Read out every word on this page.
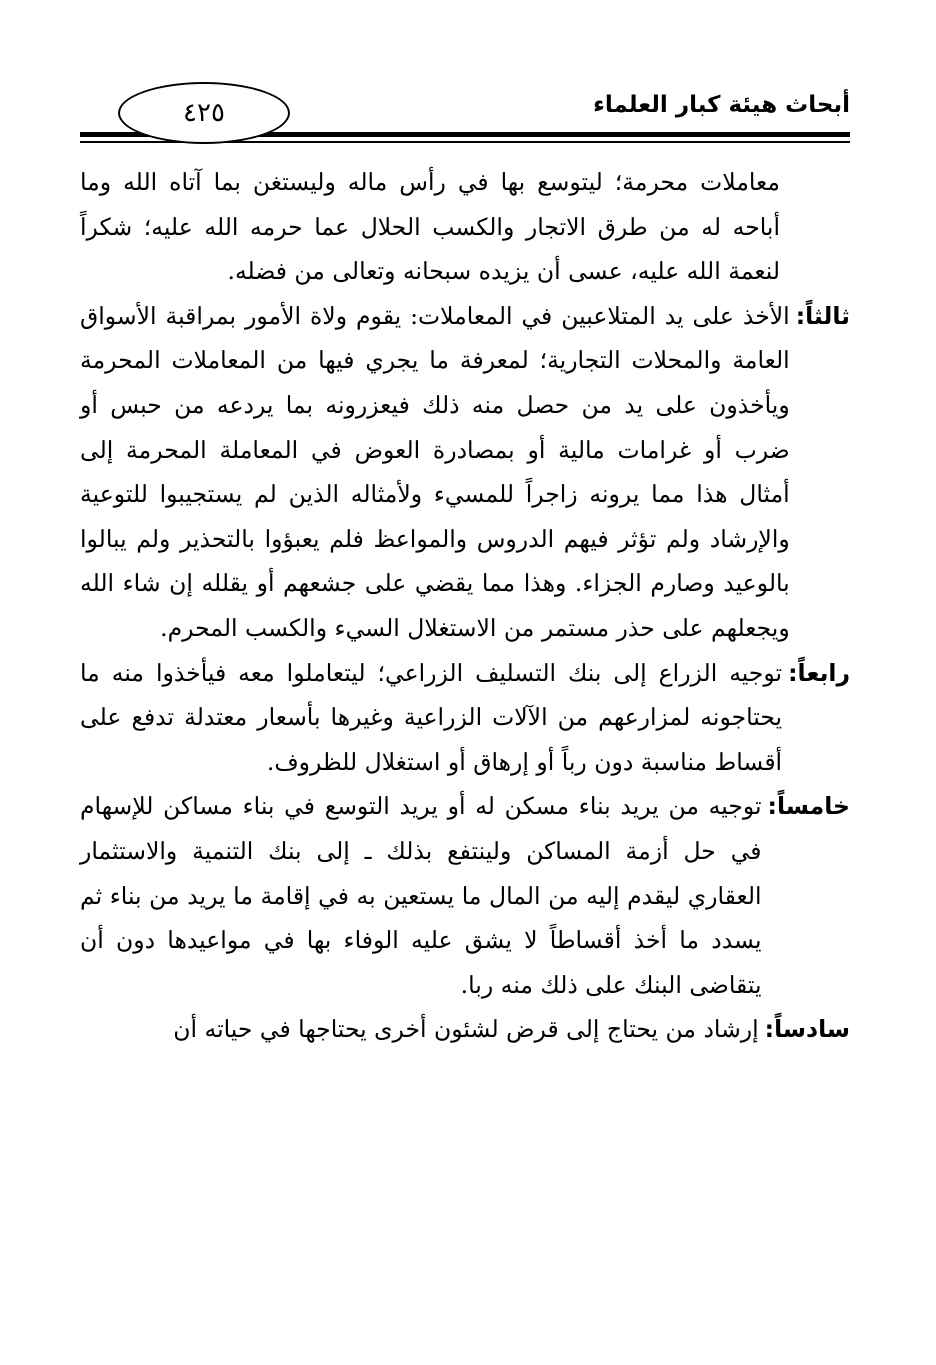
أبحاث هيئة كبار العلماء
٤٢٥

معاملات محرمة؛ ليتوسع بها في رأس ماله وليستغن بما آتاه الله وما أباحه له من طرق الاتجار والكسب الحلال عما حرمه الله عليه؛ شكراً لنعمة الله عليه، عسى أن يزيده سبحانه وتعالى من فضله.

ثالثاً:
الأخذ على يد المتلاعبين في المعاملات: يقوم ولاة الأمور بمراقبة الأسواق العامة والمحلات التجارية؛ لمعرفة ما يجري فيها من المعاملات المحرمة ويأخذون على يد من حصل منه ذلك فيعزرونه بما يردعه من حبس أو ضرب أو غرامات مالية أو بمصادرة العوض في المعاملة المحرمة إلى أمثال هذا مما يرونه زاجراً للمسيء ولأمثاله الذين لم يستجيبوا للتوعية والإرشاد ولم تؤثر فيهم الدروس والمواعظ فلم يعبؤوا بالتحذير ولم يبالوا بالوعيد وصارم الجزاء. وهذا مما يقضي على جشعهم أو يقلله إن شاء الله ويجعلهم على حذر مستمر من الاستغلال السيء والكسب المحرم.
رابعاً:
توجيه الزراع إلى بنك التسليف الزراعي؛ ليتعاملوا معه فيأخذوا منه ما يحتاجونه لمزارعهم من الآلات الزراعية وغيرها بأسعار معتدلة تدفع على أقساط مناسبة دون رباً أو إرهاق أو استغلال للظروف.
خامساً:
توجيه من يريد بناء مسكن له أو يريد التوسع في بناء مساكن للإسهام في حل أزمة المساكن ولينتفع بذلك ـ إلى بنك التنمية والاستثمار العقاري ليقدم إليه من المال ما يستعين به في إقامة ما يريد من بناء ثم يسدد ما أخذ أقساطاً لا يشق عليه الوفاء بها في مواعيدها دون أن يتقاضى البنك على ذلك منه ربا.
سادساً:
إرشاد من يحتاج إلى قرض لشئون أخرى يحتاجها في حياته أن
